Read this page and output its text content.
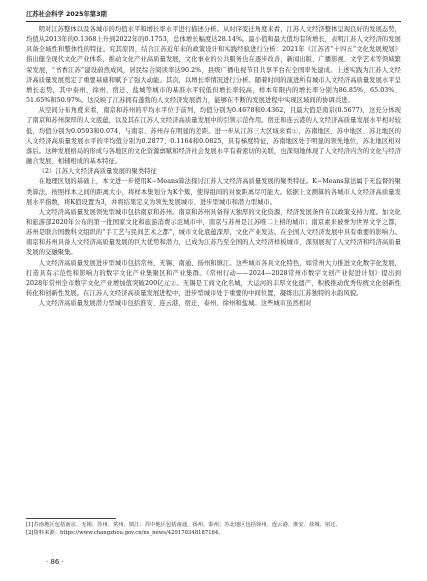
江苏社会科学 2025年第3期

明对江苏整体以及各城市的均值水平和增长率水平进行描述分析。从时序变迁角度来看，江苏人文经济整体呈现良好的发展态势，均值从2013年的0.1368上升到2022年的0.1753，总体增长幅度达28.14%。最小值和最大值均有所增长，表明江苏人文经济的发展具备全域性和整体性的特征。究其原因，结合江苏近年来的政策设计和实践经验进行分析：2021年《江苏省“十四五”文化发展规划》指出健全现代文化产业体系，推动文化产业高质量发展，文化事业的公共服务也在逐步改善，新闻出版、广播影视、文学艺术等领域繁荣发展，“书香江苏”建设蔚然成风，居民综合阅读率达90.2%，县级广播电视节目共享平台在全国率先建成。上述实践为江苏人文经济高质量发展奠定了重要基础和赋予了强大动能。其次，以增长率情况进行分析。随着时间的演进所有城市人文经济高质量发展水平呈增长态势，其中泰州、徐州、宿迁、盐城等城市的基准水平较低但增长率较高，样本年限内的增长率分别为86.85%、65.03%、51.65%和50.97%。这反映了江苏拥有蓬勃的人文经济发展潜力，能够在不断的发展进程中实现区域间的协调共进。

从空间分布角度来看，南京和苏州的平均水平位于前列，均值分别为0.4678和0.4362，且最大值是南京(0.5677)，这充分体现了南京和苏州深厚的人文底蕴，以及其在江苏人文经济高质量发展中的引领示范作用。宿迁和连云港的人文经济高质量发展水平相对较低，均值分别为0.0593和0.074，与南京、苏州存在明显的差距。进一步从江苏三大区域来看①，苏南地区、苏中地区、苏北地区的人文经济高质量发展水平的平均值分别为0.2877、0.1164和0.0825，具有梯度特征，苏南地区处于明显的领先地位，苏北地区相对落后。这种发展格局的形成与各地区的文化资源禀赋和经济社会发展水平有着密切的关联，也深刻地体现了人文经济内含的文化与经济融合发展、相辅相成的基本特征。

（2）江苏人文经济高质量发展的聚类特征

在地理区划的基础上，本文进一步使用K−Means算法探讨江苏人文经济高质量发展的聚类特征。K−Means算法属于无监督的聚类算法，按照样本之间的距离大小，将样本集划分为K个簇，使得组间的对象距离尽可能大。依据上文测算的各城市人文经济高质量发展水平指数，将K值设置为3，并将结果定义为领先发展城市、进步型城市和潜力型城市。

人文经济高质量发展领先型城市包括南京和苏州。南京和苏州具备得天独厚的文化资源，经济发展条件在以政策支持力度。加文化和旅游部2020年公布的第一批国家文化和旅游消费示范城市中，南京与苏州是江苏唯二上榜的城市；南京素来被誉为世界文学之都，苏州是联合国教科文组织的“手工艺与民间艺术之都”，城市文化底蕴深厚，文化产业发达，在全国人文经济发展中具有重要的影响力。南京和苏州具备人文经济高质量发展的巨大优势和潜力，已成为江苏乃至全国的人文经济样板城市，深刻展现了人文经济和经济高质量发展的交融聚集。

人文经济高质量发展进步型城市包括常州、无锡、南通、扬州和镇江。这些城市各具文化特色，如常州大力推进文化数字化发展，打造具有示范性和影响力的数字文化产业集聚区和产业集群。《常州行动——2024—2028常州市数字文创产业促进计划》提出到2028年常州全市数字文化产业增加值突破200亿元②。无锡是工商文化名城，大运河的丰厚文化遗产，积极推动优秀传统文化创新性转化和创新性发展。在江苏人文经济高质量发展进程中，进步型城市处于重要的中间位置，凝练出江苏独特的水韵风貌。

人文经济高质量发展潜力型城市包括淮安、连云港、宿迁、泰州、徐州和盐城。这些城市虽然相对

[1]苏南地区包括南京、无锡、苏州、常州、镇江；苏中地区包括南通、扬州、泰州；苏北地区包括徐州、连云港、淮安、盐城、宿迁。

[2]资料来源：https://www.changzhou.gov.cn/ns_news/429170348187184。

· 86 ·
